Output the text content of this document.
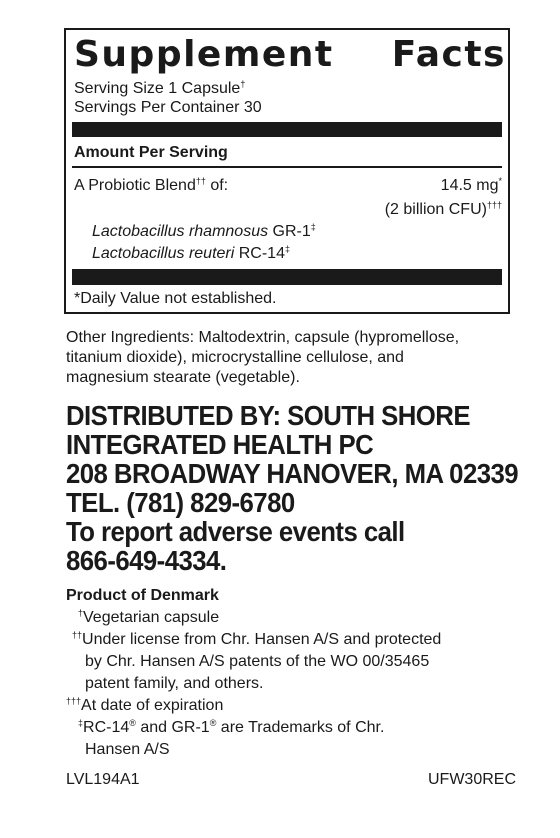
Supplement Facts
Serving Size 1 Capsule†
Servings Per Container 30
Amount Per Serving
A Probiotic Blend†† of:	14.5 mg*
(2 billion CFU)†††
Lactobacillus rhamnosus GR-1‡
Lactobacillus reuteri RC-14‡
*Daily Value not established.
Other Ingredients: Maltodextrin, capsule (hypromellose,
titanium dioxide), microcrystalline cellulose, and
magnesium stearate (vegetable).
DISTRIBUTED BY: SOUTH SHORE
INTEGRATED HEALTH PC
208 BROADWAY HANOVER, MA 02339
TEL. (781) 829-6780
To report adverse events call
866-649-4334.
Product of Denmark
†Vegetarian capsule
††Under license from Chr. Hansen A/S and protected
by Chr. Hansen A/S patents of the WO 00/35465
patent family, and others.
†††At date of expiration
‡RC-14® and GR-1® are Trademarks of Chr.
Hansen A/S
LVL194A1	UFW30REC
